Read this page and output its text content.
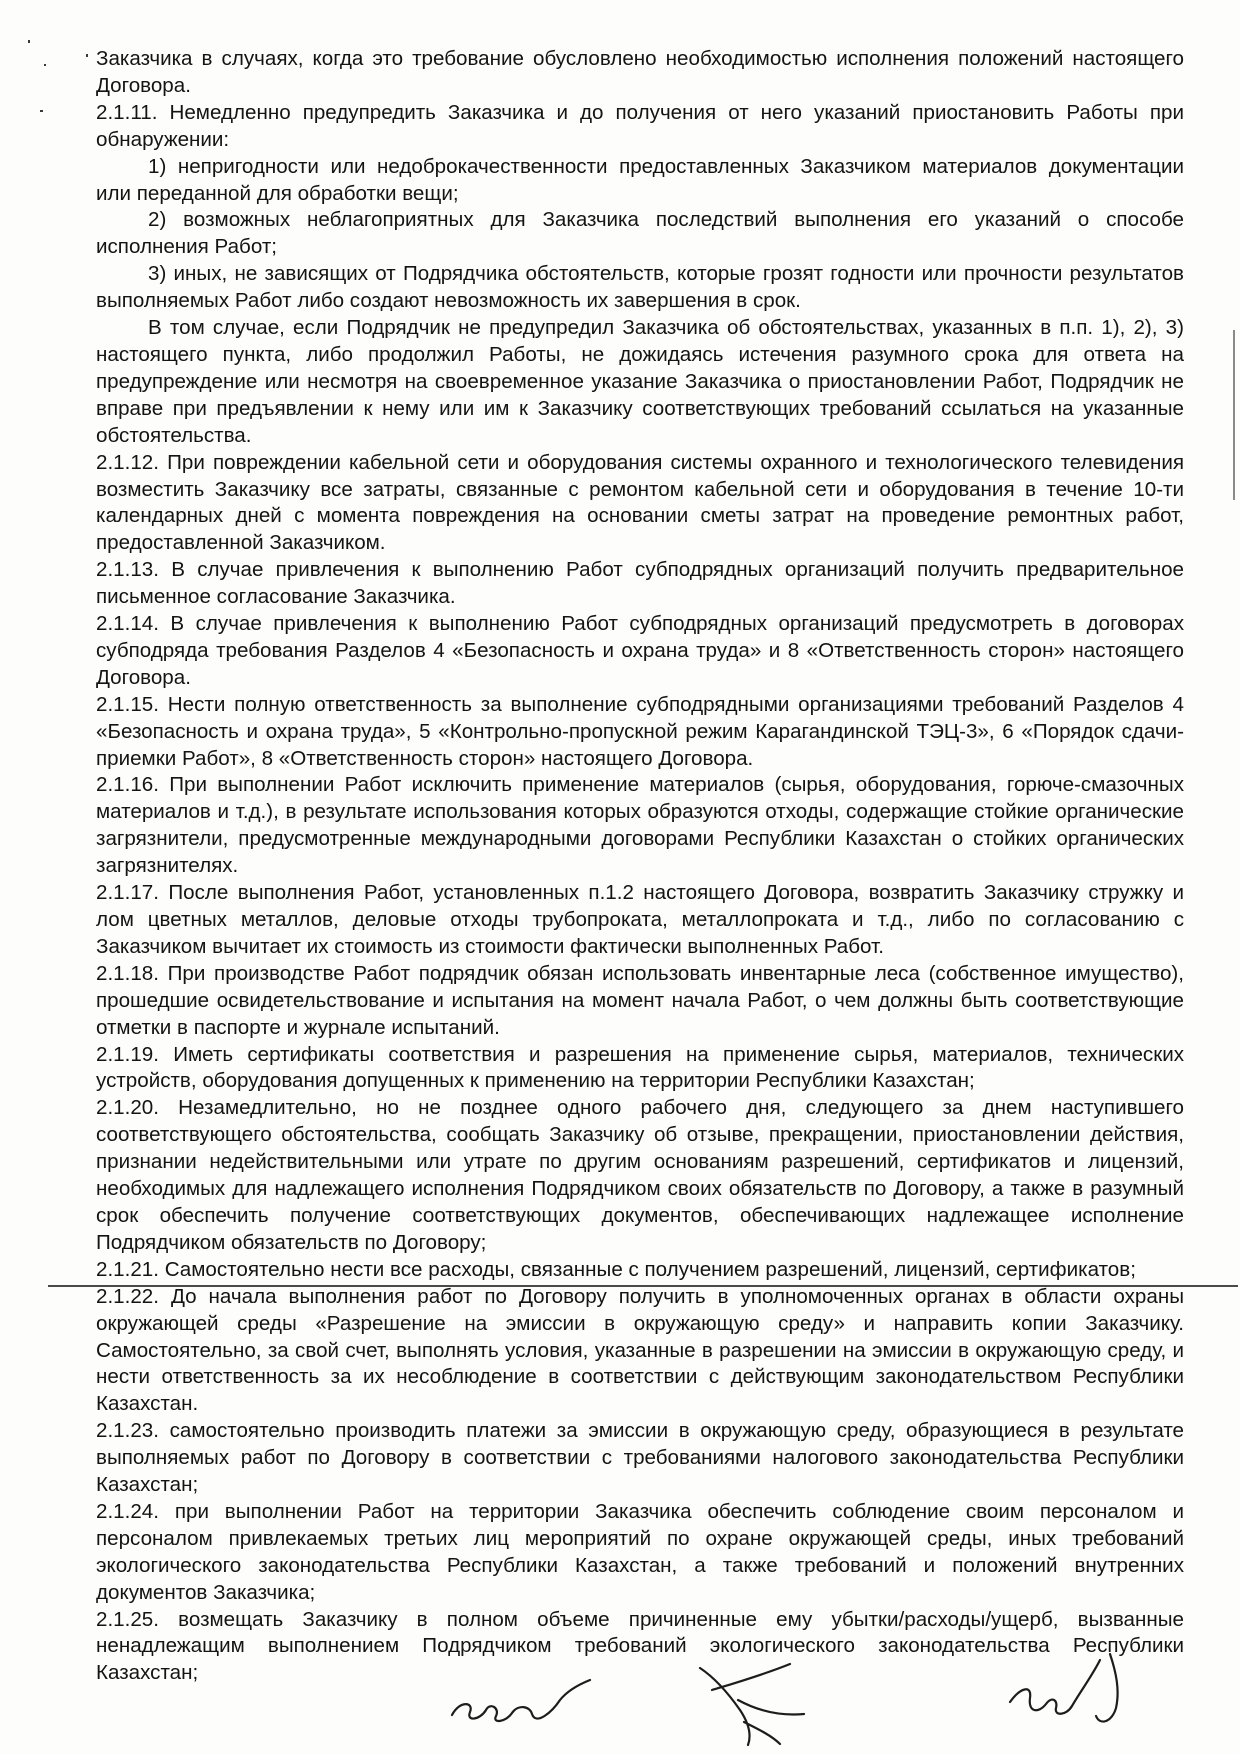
Заказчика в случаях, когда это требование обусловлено необходимостью исполнения положений настоящего Договора.

2.1.11. Немедленно предупредить Заказчика и до получения от него указаний приостановить Работы при обнаружении:

1) непригодности или недоброкачественности предоставленных Заказчиком материалов документации или переданной для обработки вещи;

2) возможных неблагоприятных для Заказчика последствий выполнения его указаний о способе исполнения Работ;

3) иных, не зависящих от Подрядчика обстоятельств, которые грозят годности или прочности результатов выполняемых Работ либо создают невозможность их завершения в срок.

В том случае, если Подрядчик не предупредил Заказчика об обстоятельствах, указанных в п.п. 1), 2), 3) настоящего пункта, либо продолжил Работы, не дожидаясь истечения разумного срока для ответа на предупреждение или несмотря на своевременное указание Заказчика о приостановлении Работ, Подрядчик не вправе при предъявлении к нему или им к Заказчику соответствующих требований ссылаться на указанные обстоятельства.

2.1.12. При повреждении кабельной сети и оборудования системы охранного и технологического телевидения возместить Заказчику все затраты, связанные с ремонтом кабельной сети и оборудования в течение 10-ти календарных дней с момента повреждения на основании сметы затрат на проведение ремонтных работ, предоставленной Заказчиком.

2.1.13. В случае привлечения к выполнению Работ субподрядных организаций получить предварительное письменное согласование Заказчика.

2.1.14. В случае привлечения к выполнению Работ субподрядных организаций предусмотреть в договорах субподряда требования Разделов 4 «Безопасность и охрана труда» и 8 «Ответственность сторон» настоящего Договора.

2.1.15. Нести полную ответственность за выполнение субподрядными организациями требований Разделов 4 «Безопасность и охрана труда», 5 «Контрольно-пропускной режим Карагандинской ТЭЦ-3», 6 «Порядок сдачи-приемки Работ», 8 «Ответственность сторон» настоящего Договора.

2.1.16. При выполнении Работ исключить применение материалов (сырья, оборудования, горюче-смазочных материалов и т.д.), в результате использования которых образуются отходы, содержащие стойкие органические загрязнители, предусмотренные международными договорами Республики Казахстан о стойких органических загрязнителях.

2.1.17. После выполнения Работ, установленных п.1.2 настоящего Договора, возвратить Заказчику стружку и лом цветных металлов, деловые отходы трубопроката, металлопроката и т.д., либо по согласованию с Заказчиком вычитает их стоимость из стоимости фактически выполненных Работ.

2.1.18. При производстве Работ подрядчик обязан использовать инвентарные леса (собственное имущество), прошедшие освидетельствование и испытания на момент начала Работ, о чем должны быть соответствующие отметки в паспорте и журнале испытаний.

2.1.19. Иметь сертификаты соответствия и разрешения на применение сырья, материалов, технических устройств, оборудования допущенных к применению на территории Республики Казахстан;

2.1.20. Незамедлительно, но не позднее одного рабочего дня, следующего за днем наступившего соответствующего обстоятельства, сообщать Заказчику об отзыве, прекращении, приостановлении действия, признании недействительными или утрате по другим основаниям разрешений, сертификатов и лицензий, необходимых для надлежащего исполнения Подрядчиком своих обязательств по Договору, а также в разумный срок обеспечить получение соответствующих документов, обеспечивающих надлежащее исполнение Подрядчиком обязательств по Договору;

2.1.21. Самостоятельно нести все расходы, связанные с получением разрешений, лицензий, сертификатов;

2.1.22. До начала выполнения работ по Договору получить в уполномоченных органах в области охраны окружающей среды «Разрешение на эмиссии в окружающую среду» и направить копии Заказчику. Самостоятельно, за свой счет, выполнять условия, указанные в разрешении на эмиссии в окружающую среду, и нести ответственность за их несоблюдение в соответствии с действующим законодательством Республики Казахстан.

2.1.23. самостоятельно производить платежи за эмиссии в окружающую среду, образующиеся в результате выполняемых работ по Договору в соответствии с требованиями налогового законодательства Республики Казахстан;

2.1.24. при выполнении Работ на территории Заказчика обеспечить соблюдение своим персоналом и персоналом привлекаемых третьих лиц мероприятий по охране окружающей среды, иных требований экологического законодательства Республики Казахстан, а также требований и положений внутренних документов Заказчика;

2.1.25. возмещать Заказчику в полном объеме причиненные ему убытки/расходы/ущерб, вызванные ненадлежащим выполнением Подрядчиком требований экологического законодательства Республики Казахстан;
